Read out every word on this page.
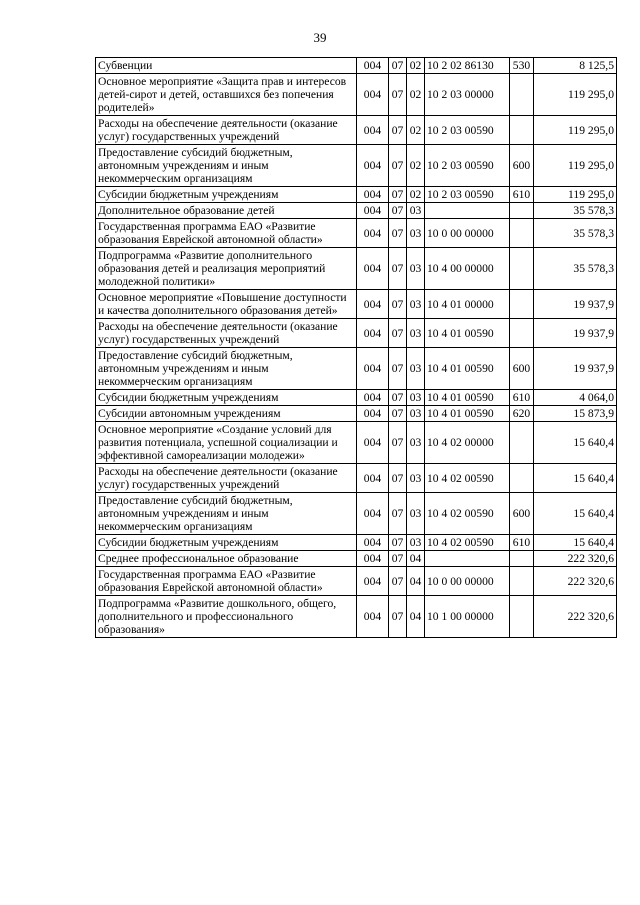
39
Субвенции	004	07	02	10 2 02 86130	530	8 125,5
Основное мероприятие «Защита прав и интересов детей-сирот и детей, оставшихся без попечения родителей»	004	07	02	10 2 03 00000		119 295,0
Расходы на обеспечение деятельности (оказание услуг) государственных учреждений	004	07	02	10 2 03 00590		119 295,0
Предоставление субсидий бюджетным, автономным учреждениям и иным некоммерческим организациям	004	07	02	10 2 03 00590	600	119 295,0
Субсидии бюджетным учреждениям	004	07	02	10 2 03 00590	610	119 295,0
Дополнительное образование детей	004	07	03			35 578,3
Государственная программа ЕАО «Развитие образования Еврейской автономной области»	004	07	03	10 0 00 00000		35 578,3
Подпрограмма «Развитие дополнительного образования детей и реализация мероприятий молодежной политики»	004	07	03	10 4 00 00000		35 578,3
Основное мероприятие «Повышение доступности и качества дополнительного образования детей»	004	07	03	10 4 01 00000		19 937,9
Расходы на обеспечение деятельности (оказание услуг) государственных учреждений	004	07	03	10 4 01 00590		19 937,9
Предоставление субсидий бюджетным, автономным учреждениям и иным некоммерческим организациям	004	07	03	10 4 01 00590	600	19 937,9
Субсидии бюджетным учреждениям	004	07	03	10 4 01 00590	610	4 064,0
Субсидии автономным учреждениям	004	07	03	10 4 01 00590	620	15 873,9
Основное мероприятие «Создание условий для развития потенциала, успешной социализации и эффективной самореализации молодежи»	004	07	03	10 4 02 00000		15 640,4
Расходы на обеспечение деятельности (оказание услуг) государственных учреждений	004	07	03	10 4 02 00590		15 640,4
Предоставление субсидий бюджетным, автономным учреждениям и иным некоммерческим организациям	004	07	03	10 4 02 00590	600	15 640,4
Субсидии бюджетным учреждениям	004	07	03	10 4 02 00590	610	15 640,4
Среднее профессиональное образование	004	07	04			222 320,6
Государственная программа ЕАО «Развитие образования Еврейской автономной области»	004	07	04	10 0 00 00000		222 320,6
Подпрограмма «Развитие дошкольного, общего, дополнительного и профессионального образования»	004	07	04	10 1 00 00000		222 320,6
